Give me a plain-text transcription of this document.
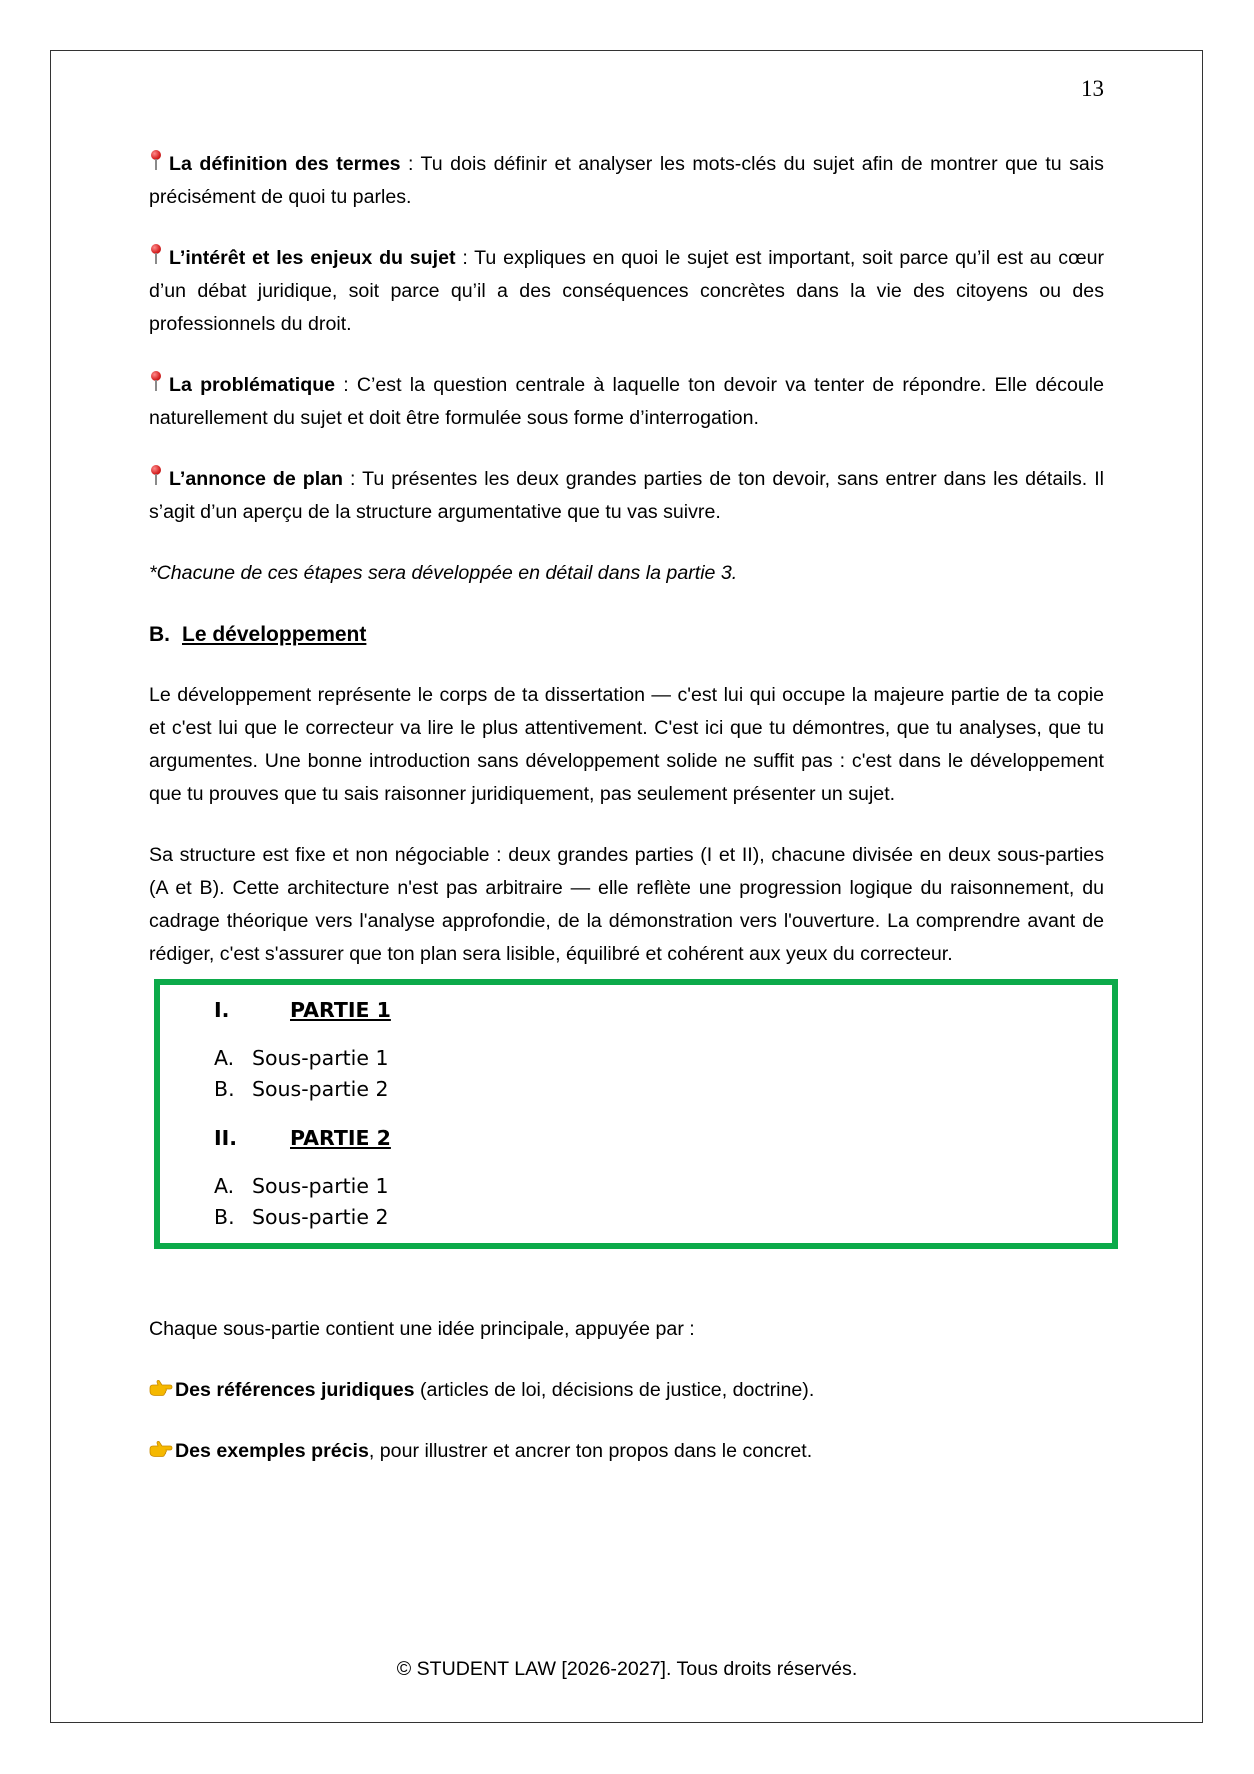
13

La définition des termes : Tu dois définir et analyser les mots-clés du sujet afin de montrer que tu sais précisément de quoi tu parles.

L’intérêt et les enjeux du sujet : Tu expliques en quoi le sujet est important, soit parce qu’il est au cœur d’un débat juridique, soit parce qu’il a des conséquences concrètes dans la vie des citoyens ou des professionnels du droit.

La problématique : C’est la question centrale à laquelle ton devoir va tenter de répondre. Elle découle naturellement du sujet et doit être formulée sous forme d’interrogation.

L’annonce de plan : Tu présentes les deux grandes parties de ton devoir, sans entrer dans les détails. Il s’agit d’un aperçu de la structure argumentative que tu vas suivre.

*Chacune de ces étapes sera développée en détail dans la partie 3.

B. Le développement

Le développement représente le corps de ta dissertation — c'est lui qui occupe la majeure partie de ta copie et c'est lui que le correcteur va lire le plus attentivement. C'est ici que tu démontres, que tu analyses, que tu argumentes. Une bonne introduction sans développement solide ne suffit pas : c'est dans le développement que tu prouves que tu sais raisonner juridiquement, pas seulement présenter un sujet.

Sa structure est fixe et non négociable : deux grandes parties (I et II), chacune divisée en deux sous-parties (A et B). Cette architecture n'est pas arbitraire — elle reflète une progression logique du raisonnement, du cadrage théorique vers l'analyse approfondie, de la démonstration vers l'ouverture. La comprendre avant de rédiger, c'est s'assurer que ton plan sera lisible, équilibré et cohérent aux yeux du correcteur.

I.	PARTIE 1
A. Sous-partie 1
B. Sous-partie 2
II.	PARTIE 2
A. Sous-partie 1
B. Sous-partie 2

Chaque sous-partie contient une idée principale, appuyée par :

Des références juridiques (articles de loi, décisions de justice, doctrine).

Des exemples précis, pour illustrer et ancrer ton propos dans le concret.

© STUDENT LAW [2026-2027]. Tous droits réservés.
